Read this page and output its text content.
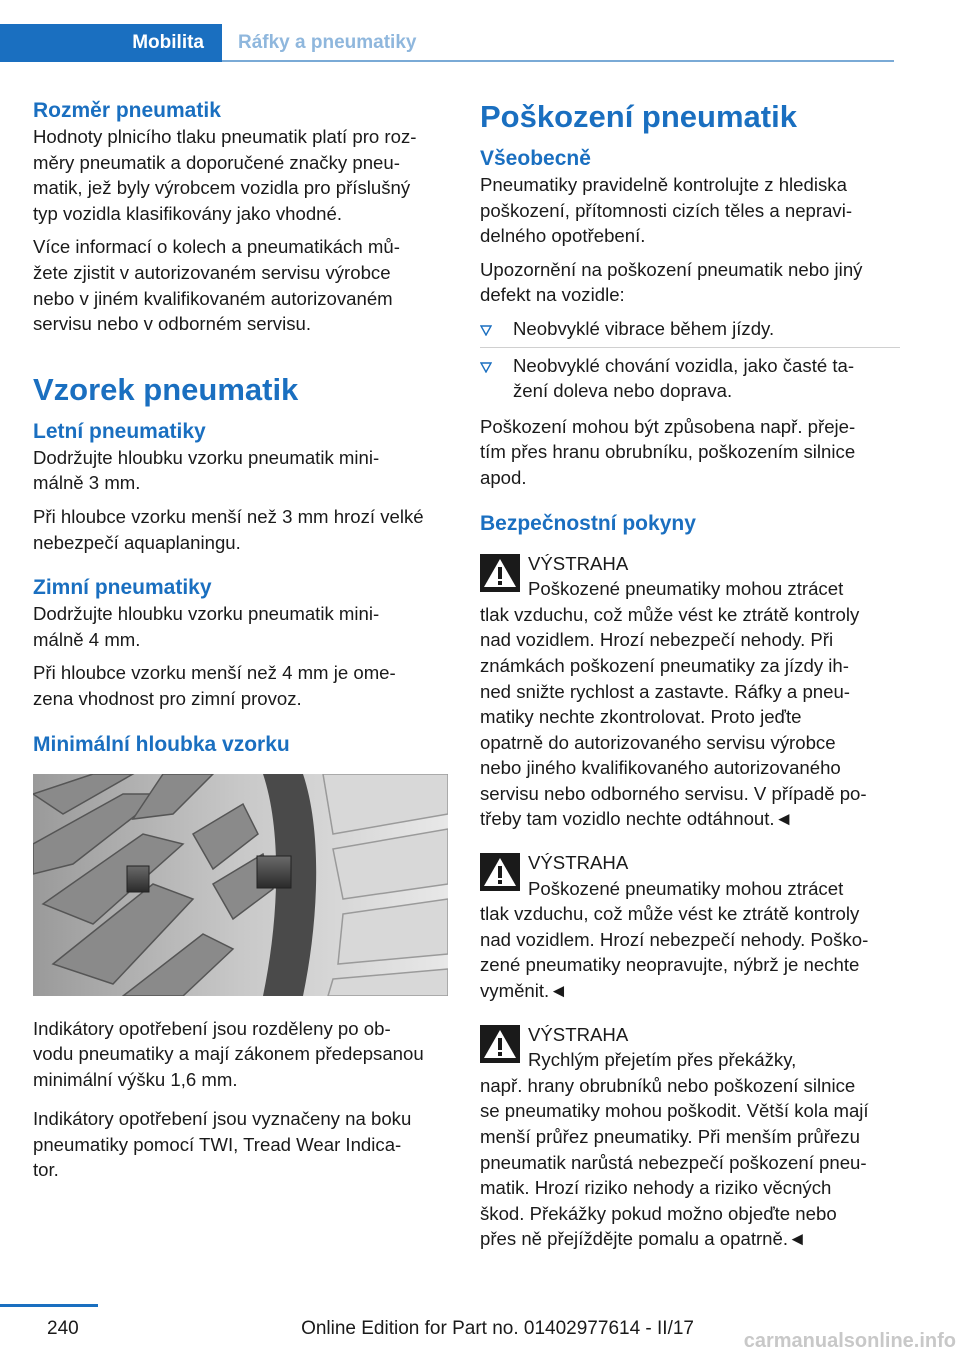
Mobilita	Ráfky a pneumatiky
Rozměr pneumatik

Hodnoty plnicího tlaku pneumatik platí pro roz-
měry pneumatik a doporučené značky pneu-
matik, jež byly výrobcem vozidla pro příslušný
typ vozidla klasifikovány jako vhodné.

Více informací o kolech a pneumatikách mů-
žete zjistit v autorizovaném servisu výrobce
nebo v jiném kvalifikovaném autorizovaném
servisu nebo v odborném servisu.

Vzorek pneumatik
Letní pneumatiky

Dodržujte hloubku vzorku pneumatik mini-
málně 3 mm.

Při hloubce vzorku menší než 3 mm hrozí velké
nebezpečí aquaplaningu.

Zimní pneumatiky

Dodržujte hloubku vzorku pneumatik mini-
málně 4 mm.

Při hloubce vzorku menší než 4 mm je ome-
zena vhodnost pro zimní provoz.

Minimální hloubka vzorku

Indikátory opotřebení jsou rozděleny po ob-
vodu pneumatiky a mají zákonem předepsanou
minimální výšku 1,6 mm.

Indikátory opotřebení jsou vyznačeny na boku
pneumatiky pomocí TWI, Tread Wear Indica-
tor.

Poškození pneumatik
Všeobecně

Pneumatiky pravidelně kontrolujte z hlediska
poškození, přítomnosti cizích těles a nepravi-
delného opotřebení.

Upozornění na poškození pneumatik nebo jiný
defekt na vozidle:

Neobvyklé vibrace během jízdy.
Neobvyklé chování vozidla, jako časté ta-
žení doleva nebo doprava.

Poškození mohou být způsobena např. přeje-
tím přes hranu obrubníku, poškozením silnice
apod.

Bezpečnostní pokyny
VÝSTRAHA
Poškozené pneumatiky mohou ztrácet

tlak vzduchu, což může vést ke ztrátě kontroly
nad vozidlem. Hrozí nebezpečí nehody. Při
známkách poškození pneumatiky za jízdy ih-
ned snižte rychlost a zastavte. Ráfky a pneu-
matiky nechte zkontrolovat. Proto jeďte
opatrně do autorizovaného servisu výrobce
nebo jiného kvalifikovaného autorizovaného
servisu nebo odborného servisu. V případě po-
třeby tam vozidlo nechte odtáhnout.◄

VÝSTRAHA
Poškozené pneumatiky mohou ztrácet

tlak vzduchu, což může vést ke ztrátě kontroly
nad vozidlem. Hrozí nebezpečí nehody. Poško-
zené pneumatiky neopravujte, nýbrž je nechte
vyměnit.◄

VÝSTRAHA
Rychlým přejetím přes překážky,

např. hrany obrubníků nebo poškození silnice
se pneumatiky mohou poškodit. Větší kola mají
menší průřez pneumatiky. Při menším průřezu
pneumatik narůstá nebezpečí poškození pneu-
matik. Hrozí riziko nehody a riziko věcných
škod. Překážky pokud možno objeďte nebo
přes ně přejíždějte pomalu a opatrně.◄

240	Online Edition for Part no. 01402977614 - II/17
carmanualsonline.info
